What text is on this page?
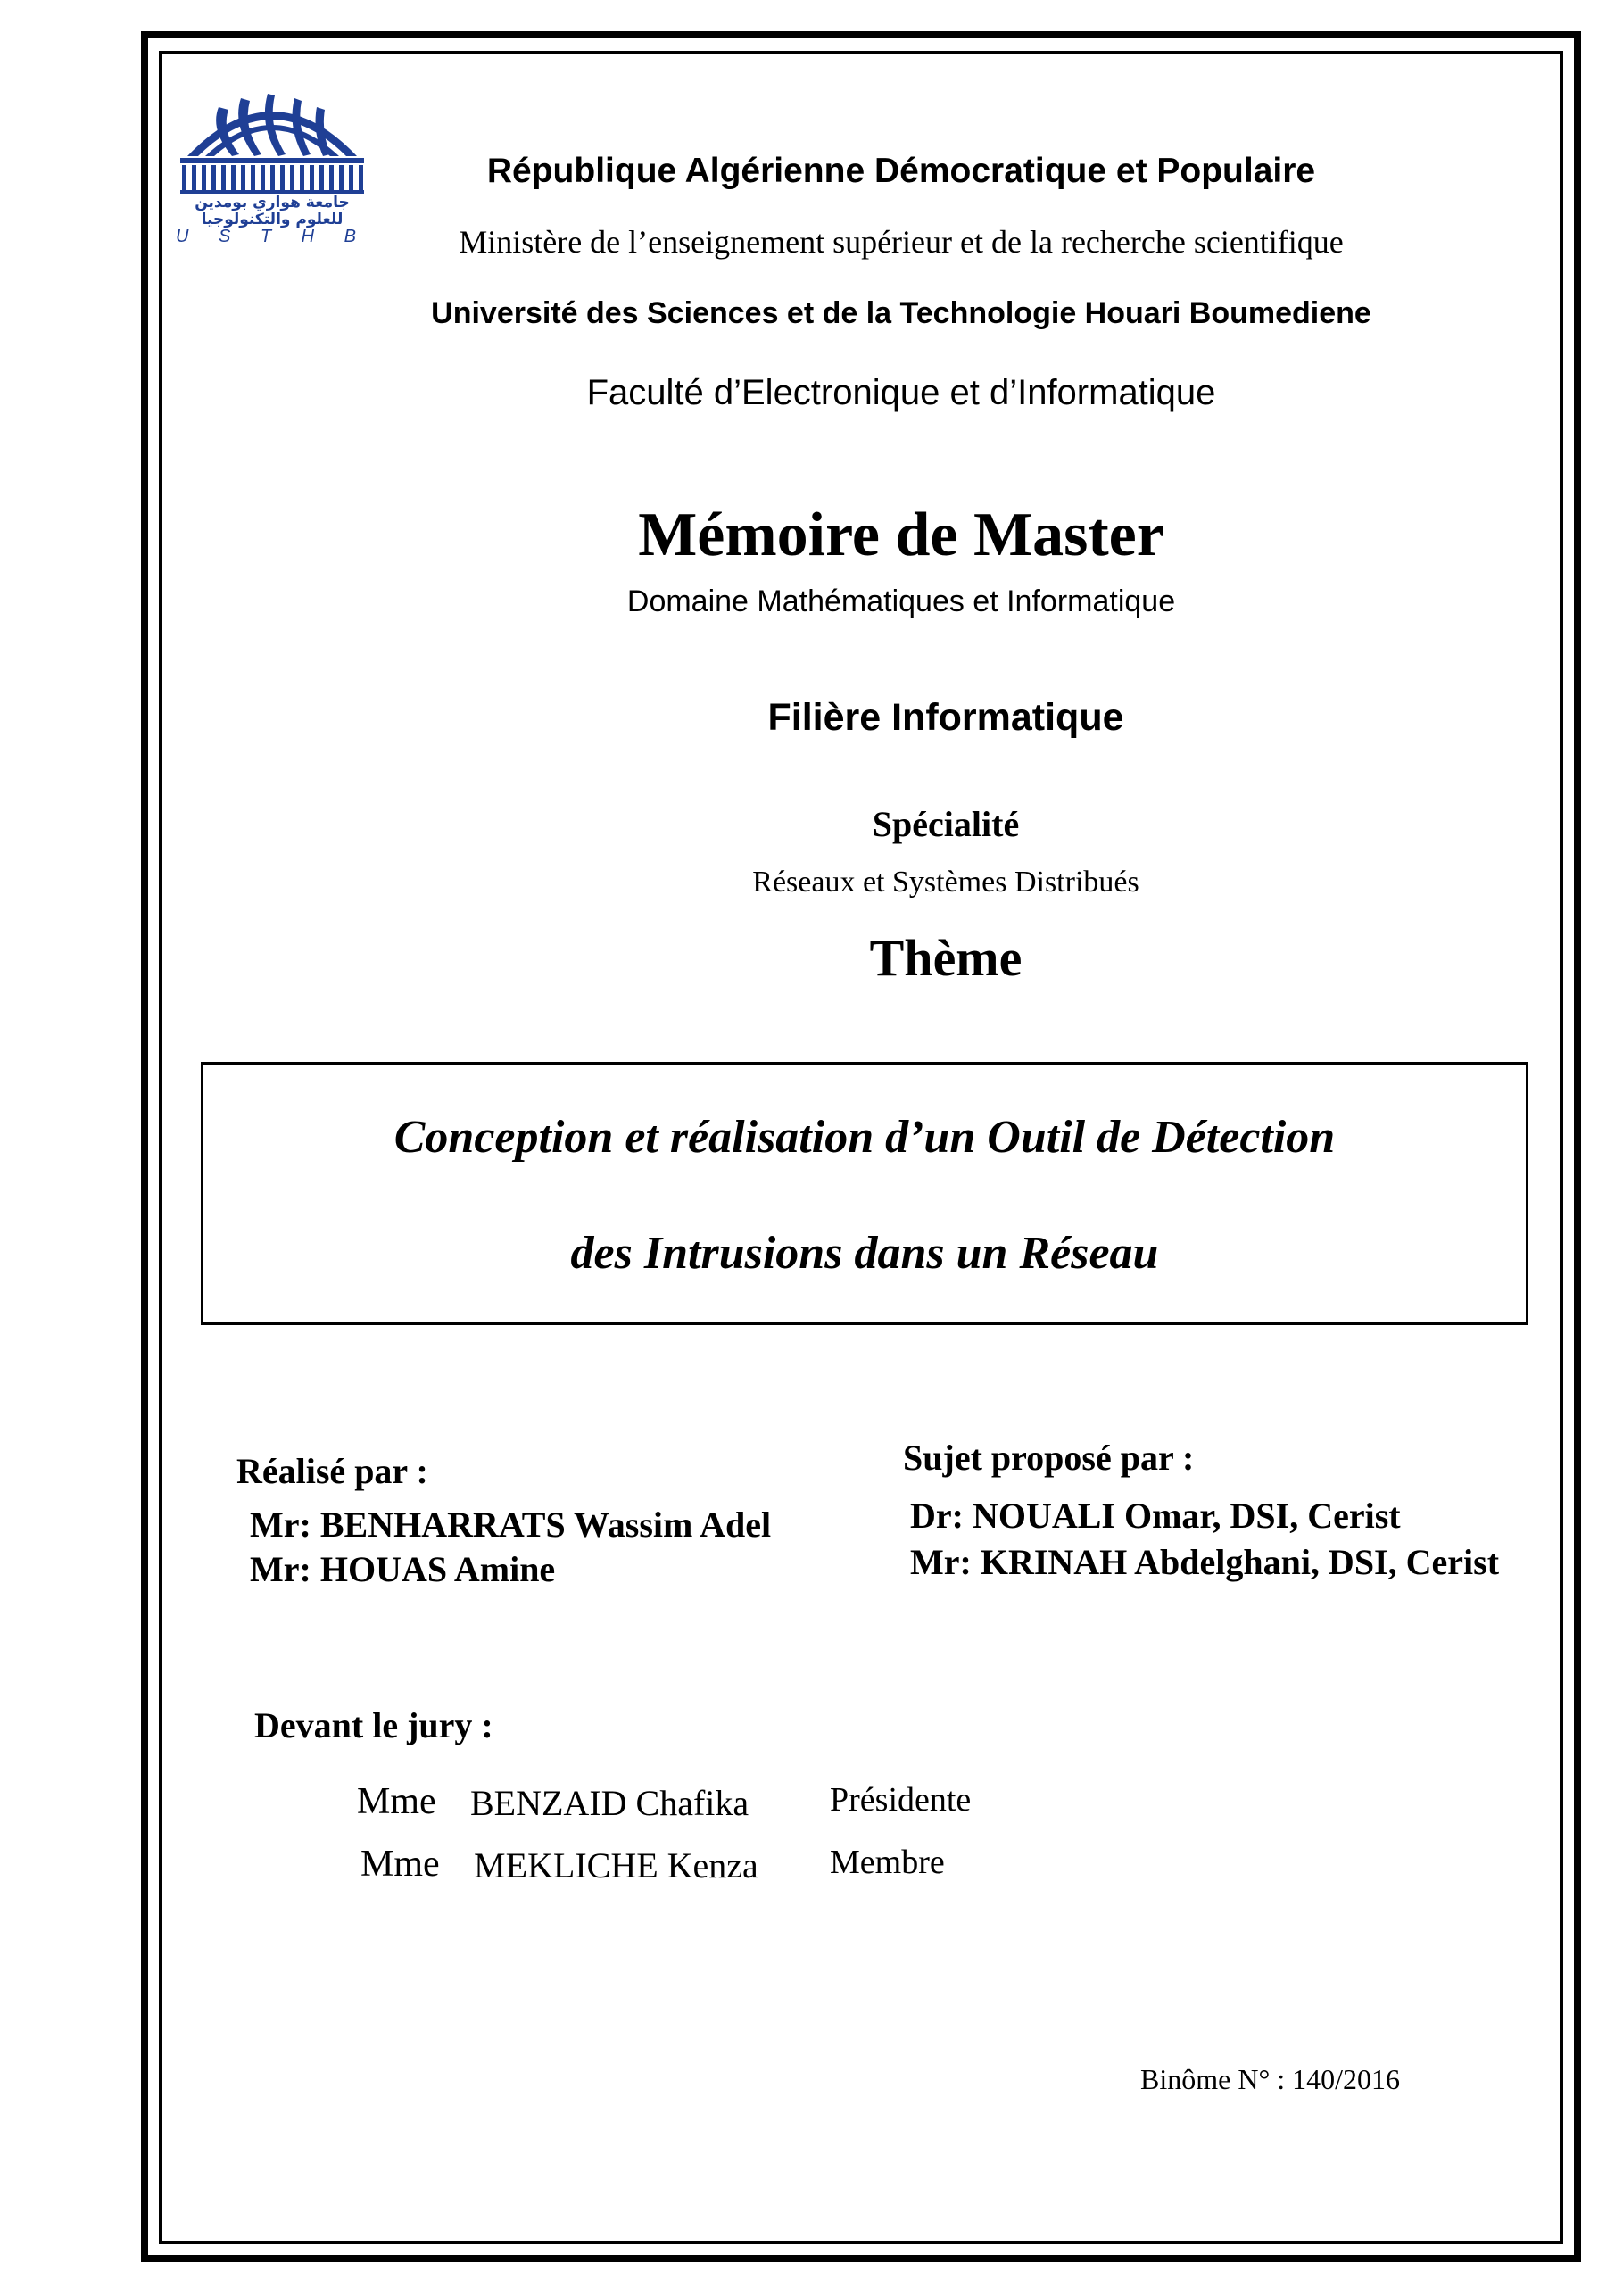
جامعة هواري بومدين
للعلوم والتكنولوجيا
U S T H B
République Algérienne Démocratique et Populaire
Ministère de l’enseignement supérieur et de la recherche scientifique
Université des Sciences et de la Technologie Houari Boumediene
Faculté d’Electronique et d’Informatique
Mémoire de Master
Domaine Mathématiques et Informatique
Filière Informatique
Spécialité
Réseaux et Systèmes Distribués
Thème
Conception et réalisation d’un Outil de Détection
des Intrusions dans un Réseau
Réalisé par :
Mr: BENHARRATS Wassim Adel
Mr: HOUAS Amine
Sujet proposé par :
Dr: NOUALI Omar, DSI, Cerist
Mr: KRINAH Abdelghani, DSI, Cerist
Devant le jury :
Mme BENZAID Chafika Présidente
Mme MEKLICHE Kenza Membre
Binôme N° : 140/2016
